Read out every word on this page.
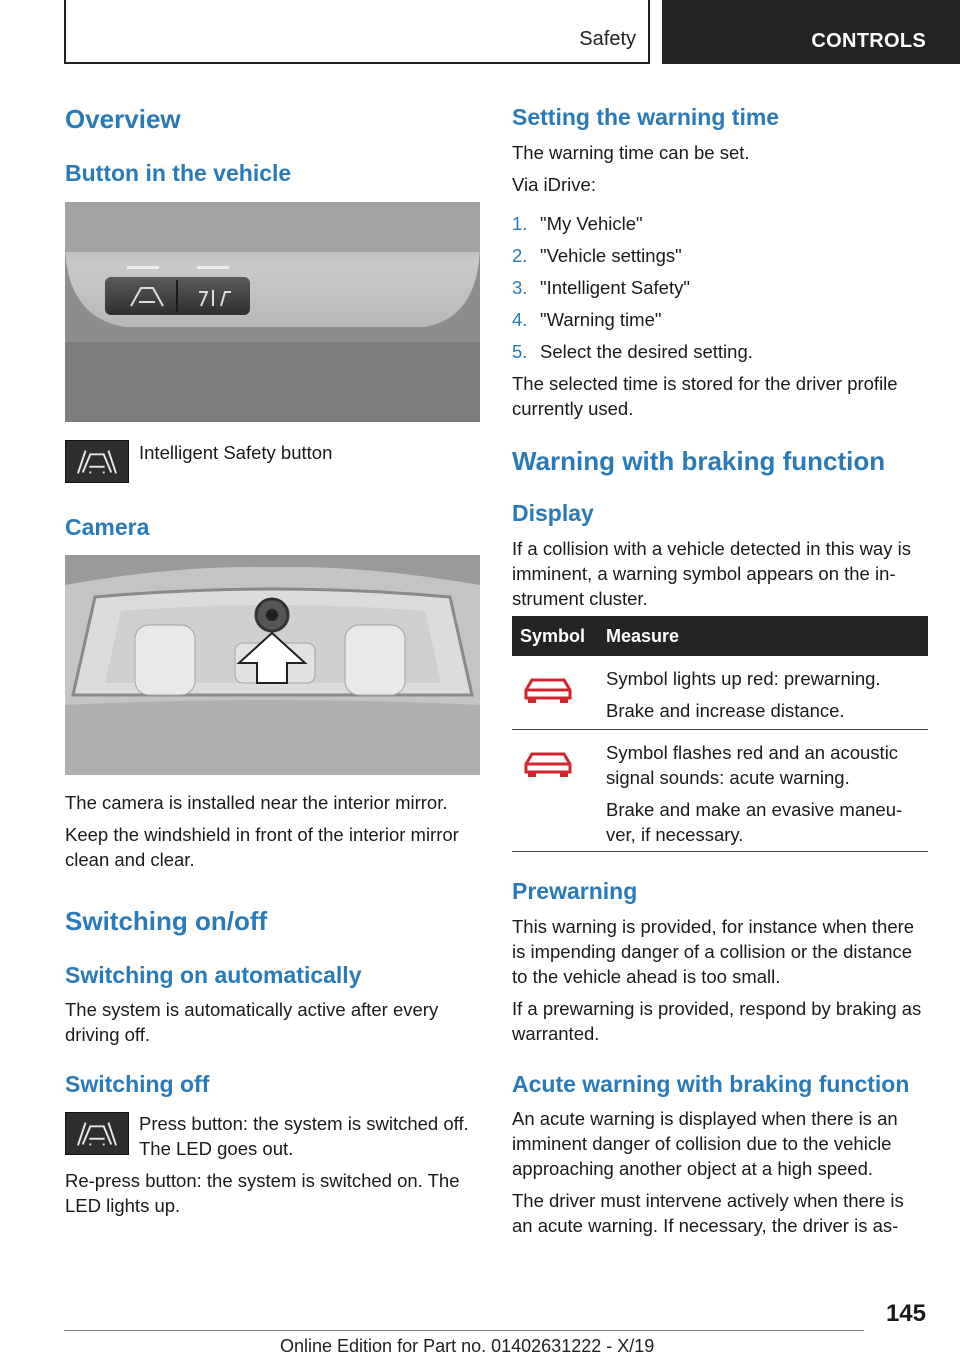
Safety	CONTROLS
Overview
Button in the vehicle

Intelligent Safety button

Camera

The camera is installed near the interior mirror.

Keep the windshield in front of the interior mirror clean and clear.

Switching on/off
Switching on automatically

The system is automatically active after every driving off.

Switching off

Press button: the system is switched off. The LED goes out.

Re-press button: the system is switched on. The LED lights up.

Setting the warning time

The warning time can be set.

Via iDrive:

1. "My Vehicle"
2. "Vehicle settings"
3. "Intelligent Safety"
4. "Warning time"
5. Select the desired setting.

The selected time is stored for the driver profile currently used.

Warning with braking function
Display

If a collision with a vehicle detected in this way is imminent, a warning symbol appears on the in-strument cluster.

Symbol Measure

Symbol lights up red: prewarning.

Brake and increase distance.

Symbol flashes red and an acoustic signal sounds: acute warning.

Brake and make an evasive maneu-ver, if necessary.

Prewarning

This warning is provided, for instance when there is impending danger of a collision or the distance to the vehicle ahead is too small.

If a prewarning is provided, respond by braking as warranted.

Acute warning with braking function

An acute warning is displayed when there is an imminent danger of collision due to the vehicle approaching another object at a high speed.

The driver must intervene actively when there is an acute warning. If necessary, the driver is as-

145
Online Edition for Part no. 01402631222 - X/19
